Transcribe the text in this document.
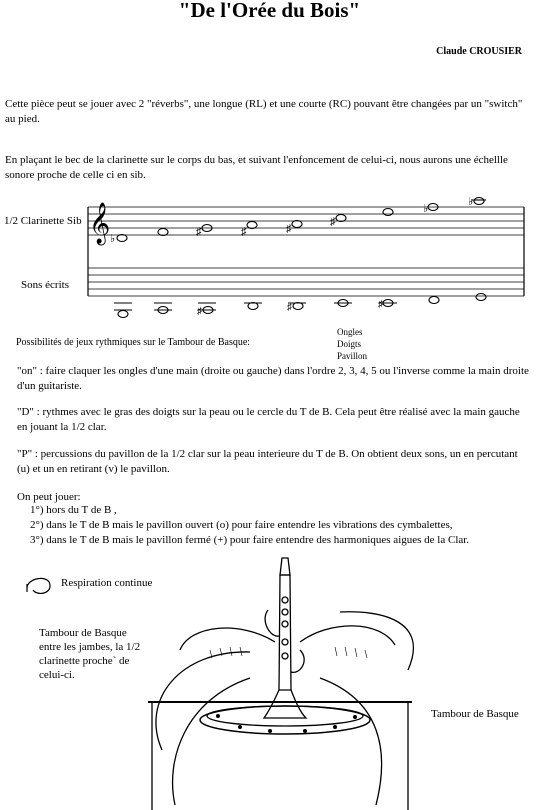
"De l'Orée du Bois"
Claude CROUSIER
Cette pièce peut se jouer avec 2 "réverbs", une longue (RL) et une courte (RC) pouvant être changées par un "switch" au pied.
En plaçant le bec de la clarinette sur le corps du bas, et suivant l'enfoncement de celui-ci, nous aurons une échellle sonore proche de celle ci en sib.
1/2 Clarinette Sib
Sons écrits
𝄞 ♭
♯	♯	♯
♯
♭
♭
♯	♯	♯
Possibilités de jeux rythmiques sur le Tambour de Basque:
Ongles
Doigts
Pavillon
"on" : faire claquer les ongles d'une main (droite ou gauche) dans l'ordre 2, 3, 4, 5 ou l'inverse comme la main droite d'un guitariste.
"D" : rythmes avec le gras des doigts sur la peau ou le cercle du T de B. Cela peut être réalisé avec la main gauche en jouant la 1/2 clar.
"P" : percussions du pavillon de la 1/2 clar sur la peau interieure du T de B. On obtient deux sons, un en percutant (u) et un en retirant (v) le pavillon.
On peut jouer:
1°) hors du T de B ,
2°) dans le T de B mais le pavillon ouvert (o) pour faire entendre les vibrations des cymbalettes,
3°) dans le T de B mais le pavillon fermé (+) pour faire entendre des harmoniques aigues de la Clar.
Respiration continue
Tambour de Basque entre les jambes, la 1/2 clarinette proche` de celui-ci.
Tambour de Basque
